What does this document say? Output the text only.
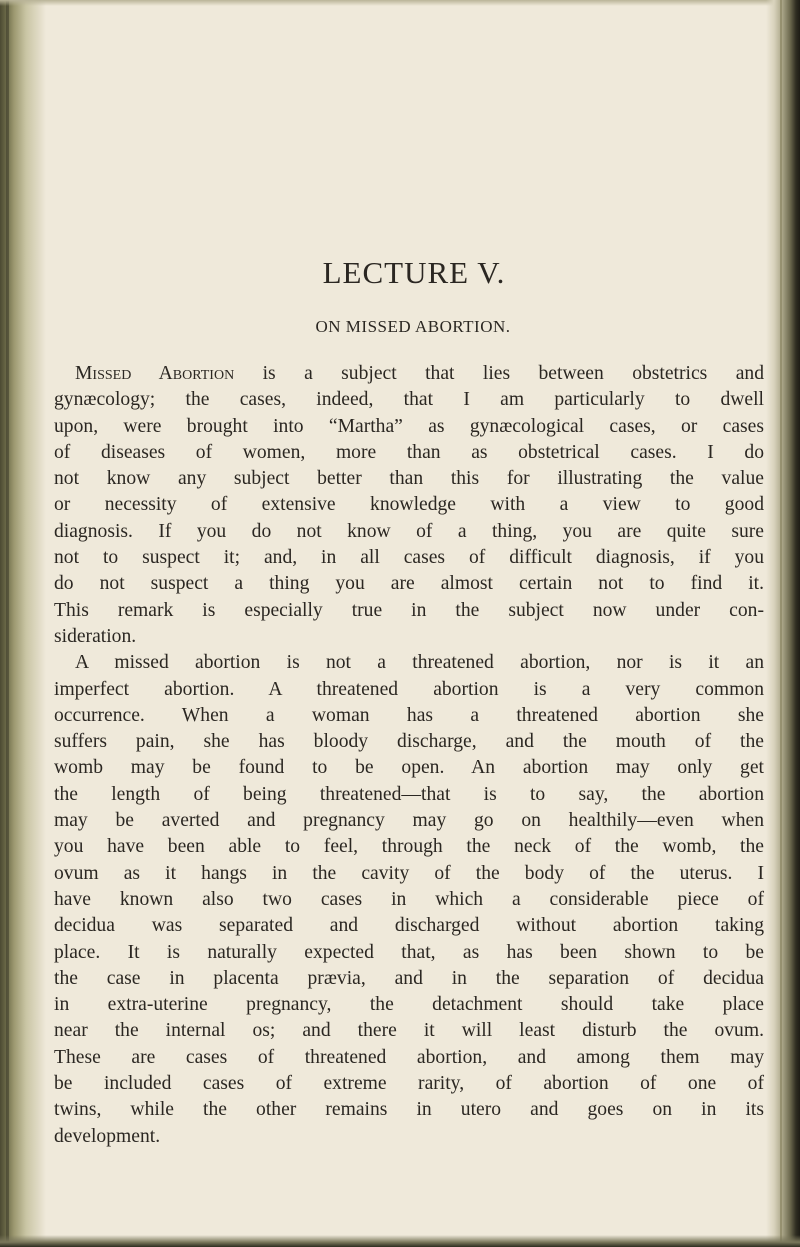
LECTURE V.
ON MISSED ABORTION.

Missed Abortion is a subject that lies between obstetrics and
gynæcology; the cases, indeed, that I am particularly to dwell
upon, were brought into “Martha” as gynæcological cases, or cases
of diseases of women, more than as obstetrical cases. I do
not know any subject better than this for illustrating the value
or necessity of extensive knowledge with a view to good
diagnosis. If you do not know of a thing, you are quite sure
not to suspect it; and, in all cases of difficult diagnosis, if you
do not suspect a thing you are almost certain not to find it.
This remark is especially true in the subject now under con-
sideration.

A missed abortion is not a threatened abortion, nor is it an
imperfect abortion. A threatened abortion is a very common
occurrence. When a woman has a threatened abortion she
suffers pain, she has bloody discharge, and the mouth of the
womb may be found to be open. An abortion may only get
the length of being threatened—that is to say, the abortion
may be averted and pregnancy may go on healthily—even when
you have been able to feel, through the neck of the womb, the
ovum as it hangs in the cavity of the body of the uterus. I
have known also two cases in which a considerable piece of
decidua was separated and discharged without abortion taking
place. It is naturally expected that, as has been shown to be
the case in placenta prævia, and in the separation of decidua
in extra-uterine pregnancy, the detachment should take place
near the internal os; and there it will least disturb the ovum.
These are cases of threatened abortion, and among them may
be included cases of extreme rarity, of abortion of one of
twins, while the other remains in utero and goes on in its
development.
